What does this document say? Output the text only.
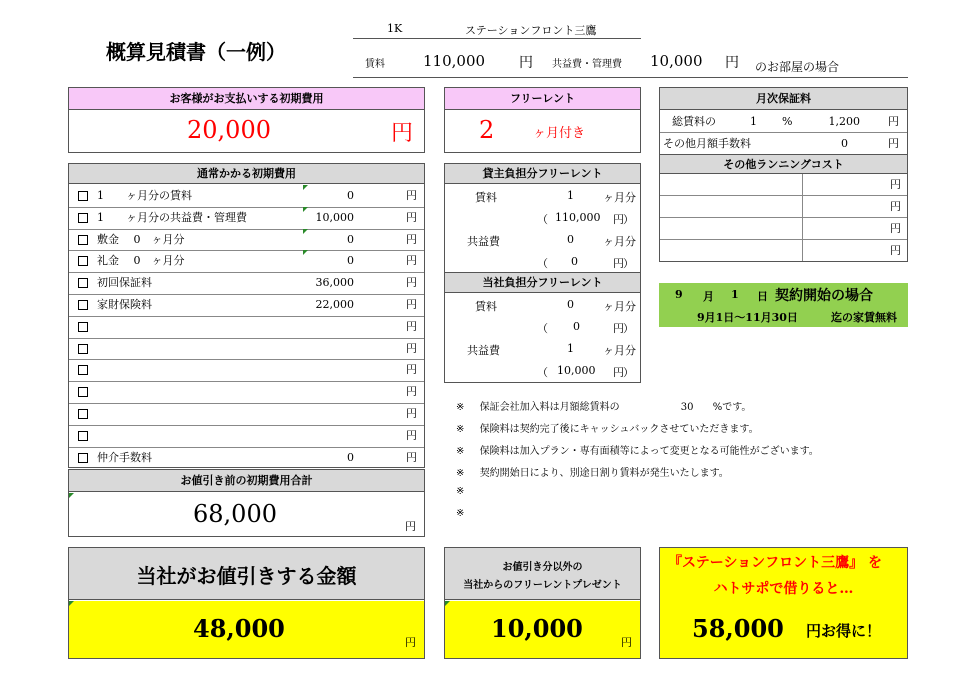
概算見積書（一例）
1K	ステーションフロント三鷹
賃料	110,000 円 共益費・管理費 10,000 円 のお部屋の場合
お客様がお支払いする初期費用
20,000	円
フリーレント
2	ヶ月付き
月次保証料
総賃料の	1 %	1,200	円
その他月額手数料	0	円
その他ランニングコスト
円
円
円
円
通常かかる初期費用
1　　ヶ月分の賃料	0	円
1　　ヶ月分の共益費・管理費	10,000	円
敷金　 0　ヶ月分	0	円
礼金　 0　ヶ月分	0	円
初回保証料	36,000	円
家財保険料	22,000	円
円
円
円
円
円
円
仲介手数料	0	円
お値引き前の初期費用合計
68,000	円
貸主負担分フリーレント
賃料	1	ヶ月分
（ 110,000 円 ）
共益費	0	ヶ月分
（ 0	円 ）
当社負担分フリーレント
賃料	0	ヶ月分
（ 0	円 ）
共益費	1	ヶ月分
（ 10,000 円 ）
9 月 1 日 契約開始の場合
9月1日～11月30日	迄の家賃無料
※ 保証会社加入料は月額総賃料の	30 %です。
※ 保険料は契約完了後にキャッシュバックさせていただきます。
※ 保険料は加入プラン・専有面積等によって変更となる可能性がございます。
※ 契約開始日により、別途日割り賃料が発生いたします。
※
※
当社がお値引きする金額
48,000	円
お値引き分以外の
当社からのフリーレントプレゼント
10,000	円
『ステーションフロント三鷹』 を
ハトサポで借りると…
58,000 円お得に！
